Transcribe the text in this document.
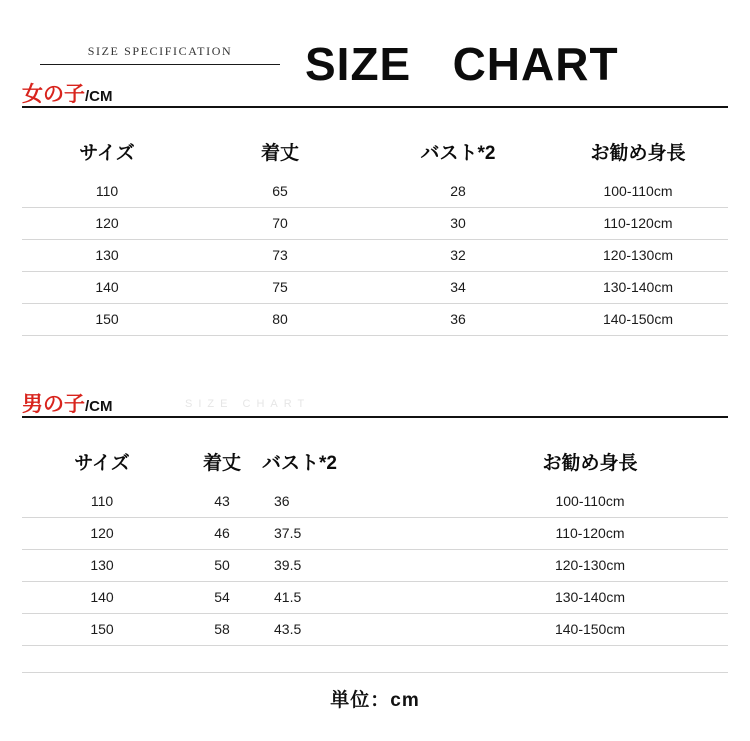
SIZE SPECIFICATION	SIZE   CHART
女の子/CM
サイズ	着丈	バスト*2	お勧め身長
110	65	28	100-110cm
120	70	30	110-120cm
130	73	32	120-130cm
140	75	34	130-140cm
150	80	36	140-150cm
男の子/CM	SIZE CHART
サイズ	着丈	バスト*2	お勧め身長
110	43	36	100-110cm
120	46	37.5	110-120cm
130	50	39.5	120-130cm
140	54	41.5	130-140cm
150	58	43.5	140-150cm
単位：cm
